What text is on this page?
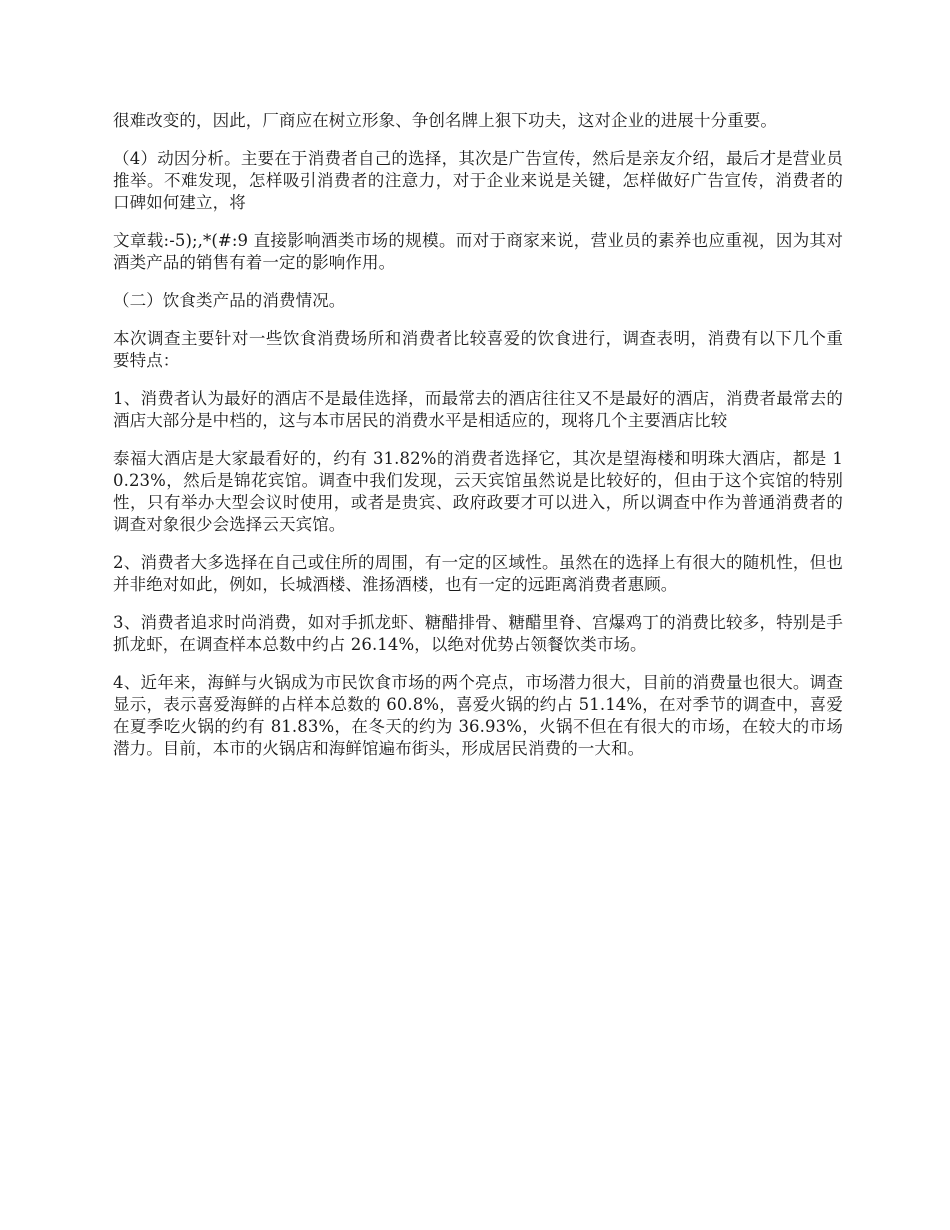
很难改变的，因此，厂商应在树立形象、争创名牌上狠下功夫，这对企业的进展十分重要。

（4）动因分析。主要在于消费者自己的选择，其次是广告宣传，然后是亲友介绍，最后才是营业员推举。不难发现，怎样吸引消费者的注意力，对于企业来说是关键，怎样做好广告宣传，消费者的口碑如何建立，将

文章载:-5);,*(#:9 直接影响酒类市场的规模。而对于商家来说，营业员的素养也应重视，因为其对酒类产品的销售有着一定的影响作用。

（二）饮食类产品的消费情况。

本次调查主要针对一些饮食消费场所和消费者比较喜爱的饮食进行，调查表明，消费有以下几个重要特点：

1、消费者认为最好的酒店不是最佳选择，而最常去的酒店往往又不是最好的酒店，消费者最常去的酒店大部分是中档的，这与本市居民的消费水平是相适应的，现将几个主要酒店比较

泰福大酒店是大家最看好的，约有 31.82%的消费者选择它，其次是望海楼和明珠大酒店，都是 10.23%，然后是锦花宾馆。调查中我们发现，云天宾馆虽然说是比较好的，但由于这个宾馆的特别性，只有举办大型会议时使用，或者是贵宾、政府政要才可以进入，所以调查中作为普通消费者的调查对象很少会选择云天宾馆。

2、消费者大多选择在自己或住所的周围，有一定的区域性。虽然在的选择上有很大的随机性，但也并非绝对如此，例如，长城酒楼、淮扬酒楼，也有一定的远距离消费者惠顾。

3、消费者追求时尚消费，如对手抓龙虾、糖醋排骨、糖醋里脊、宫爆鸡丁的消费比较多，特别是手抓龙虾，在调查样本总数中约占 26.14%，以绝对优势占领餐饮类市场。

4、近年来，海鲜与火锅成为市民饮食市场的两个亮点，市场潜力很大，目前的消费量也很大。调查显示，表示喜爱海鲜的占样本总数的 60.8%，喜爱火锅的约占 51.14%，在对季节的调查中，喜爱在夏季吃火锅的约有 81.83%，在冬天的约为 36.93%，火锅不但在有很大的市场，在较大的市场潜力。目前，本市的火锅店和海鲜馆遍布街头，形成居民消费的一大和。
